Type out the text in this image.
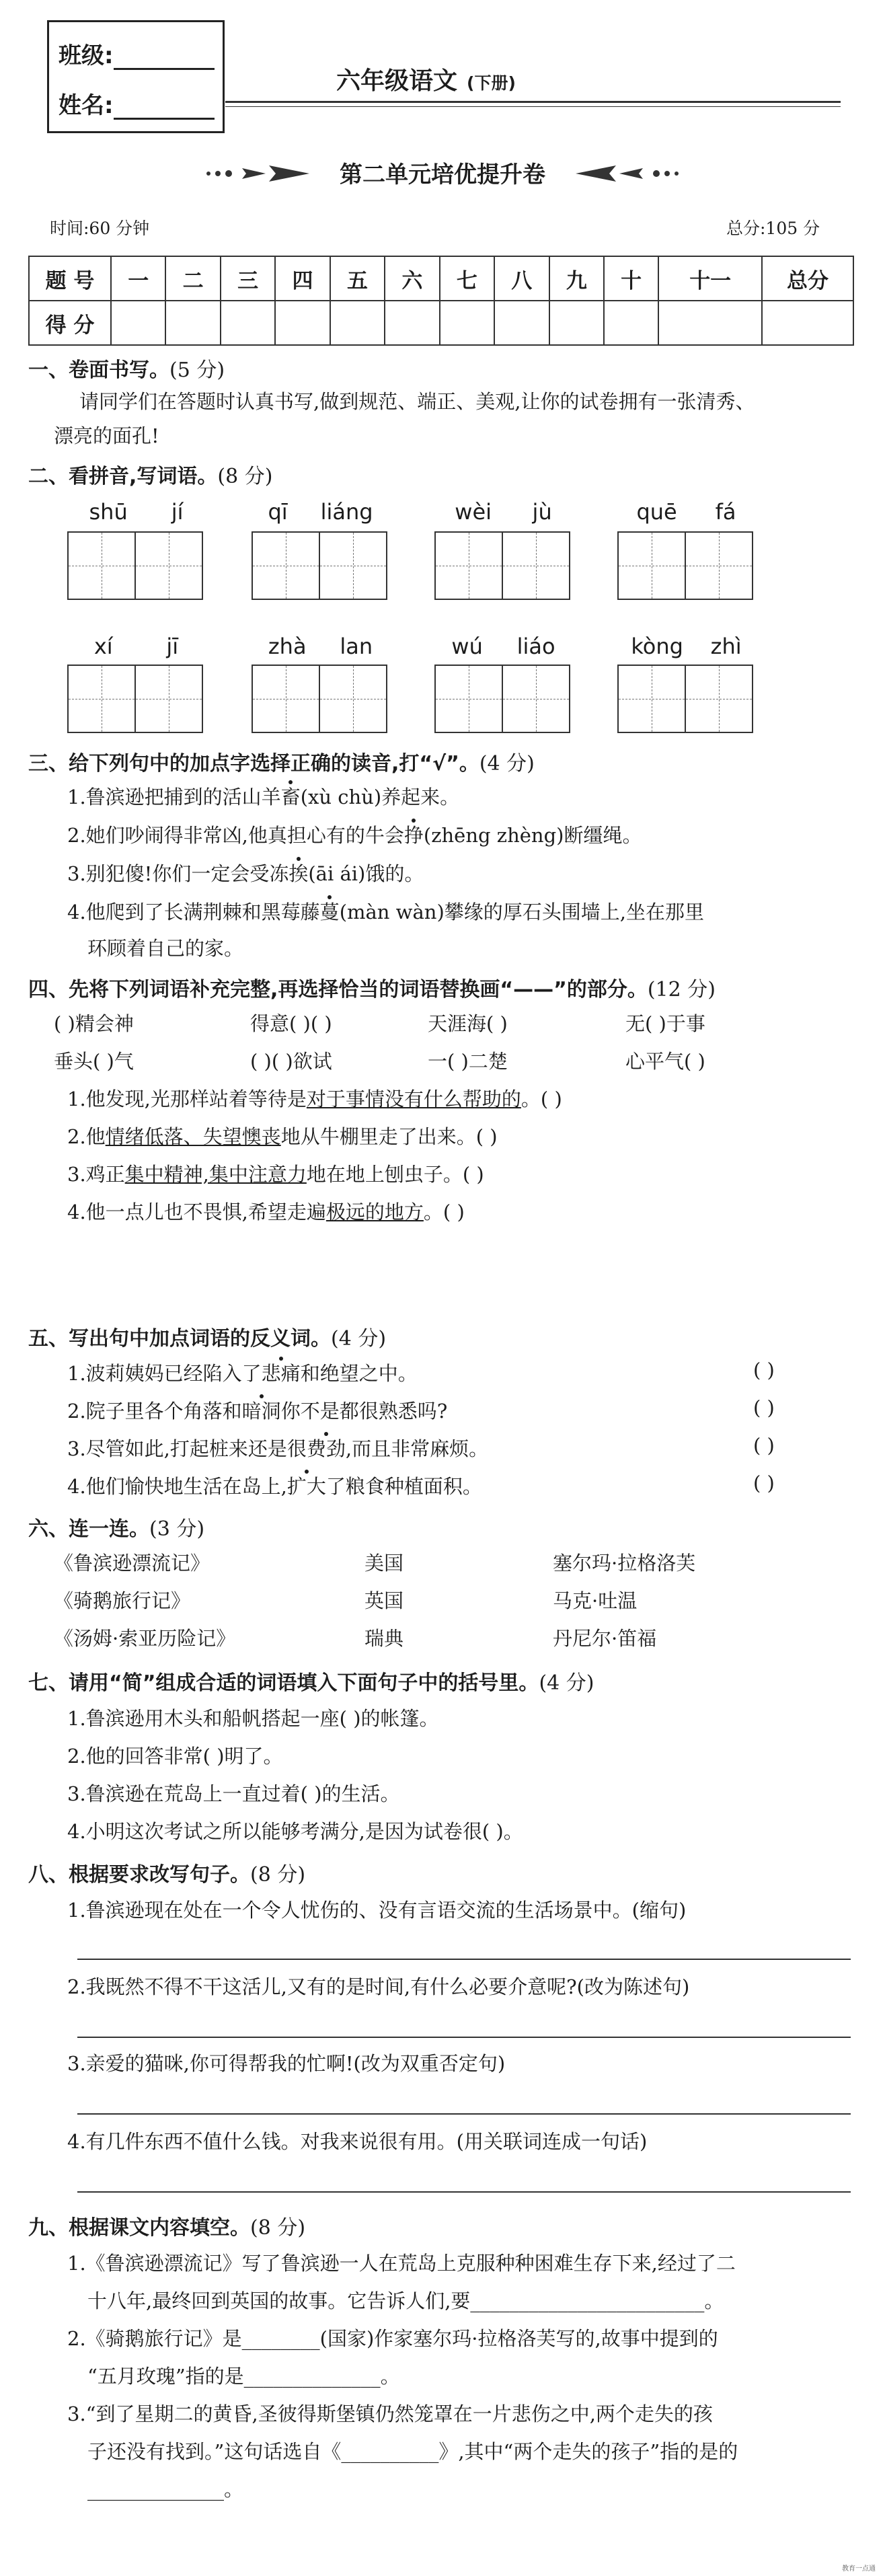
班级:
姓名:
六年级语文 (下册)
第二单元培优提升卷
时间:60 分钟	总分:105 分
题 号	一	二	三	四	五	六	七	八	九	十	十一	总分
得 分												
一、卷面书写。(5 分)
请同学们在答题时认真书写,做到规范、端正、美观,让你的试卷拥有一张清秀、
漂亮的面孔!
二、看拼音,写词语。(8 分)
shū jí	qī liáng	wèi jù	quē fá
xí jī	zhà lan	wú liáo	kòng zhì
三、给下列句中的加点字选择正确的读音,打“√”。(4 分)
1.鲁滨逊把捕到的活山羊畜(xù chù)养起来。
2.她们吵闹得非常凶,他真担心有的牛会挣(zhēng zhèng)断缰绳。
3.别犯傻!你们一定会受冻挨(āi ái)饿的。
4.他爬到了长满荆棘和黑莓藤蔓(màn wàn)攀缘的厚石头围墙上,坐在那里
环顾着自己的家。
四、先将下列词语补充完整,再选择恰当的词语替换画“——”的部分。(12 分)
( )精会神	得意( )( )	天涯海( )	无( )于事
垂头( )气	( )( )欲试	一( )二楚	心平气( )
1.他发现,光那样站着等待是对于事情没有什么帮助的。( )
2.他情绪低落、失望懊丧地从牛棚里走了出来。( )
3.鸡正集中精神,集中注意力地在地上刨虫子。( )
4.他一点儿也不畏惧,希望走遍极远的地方。( )
五、写出句中加点词语的反义词。(4 分)
1.波莉姨妈已经陷入了悲痛和绝望之中。	( )
2.院子里各个角落和暗洞你不是都很熟悉吗?	( )
3.尽管如此,打起桩来还是很费劲,而且非常麻烦。	( )
4.他们愉快地生活在岛上,扩大了粮食种植面积。	( )
六、连一连。(3 分)
《鲁滨逊漂流记》	美国	塞尔玛·拉格洛芙
《骑鹅旅行记》	英国	马克·吐温
《汤姆·索亚历险记》	瑞典	丹尼尔·笛福
七、请用“简”组成合适的词语填入下面句子中的括号里。(4 分)
1.鲁滨逊用木头和船帆搭起一座( )的帐篷。
2.他的回答非常( )明了。
3.鲁滨逊在荒岛上一直过着( )的生活。
4.小明这次考试之所以能够考满分,是因为试卷很( )。
八、根据要求改写句子。(8 分)
1.鲁滨逊现在处在一个令人忧伤的、没有言语交流的生活场景中。(缩句)
2.我既然不得不干这活儿,又有的是时间,有什么必要介意呢?(改为陈述句)
3.亲爱的猫咪,你可得帮我的忙啊!(改为双重否定句)
4.有几件东西不值什么钱。对我来说很有用。(用关联词连成一句话)
九、根据课文内容填空。(8 分)
1.《鲁滨逊漂流记》写了鲁滨逊一人在荒岛上克服种种困难生存下来,经过了二
十八年,最终回到英国的故事。它告诉人们,要________________________。
2.《骑鹅旅行记》是________(国家)作家塞尔玛·拉格洛芙写的,故事中提到的
“五月玫瑰”指的是______________。
3.“到了星期二的黄昏,圣彼得斯堡镇仍然笼罩在一片悲伤之中,两个走失的孩
子还没有找到。”这句话选自《__________》,其中“两个走失的孩子”指的是的
______________。
教育一点通
